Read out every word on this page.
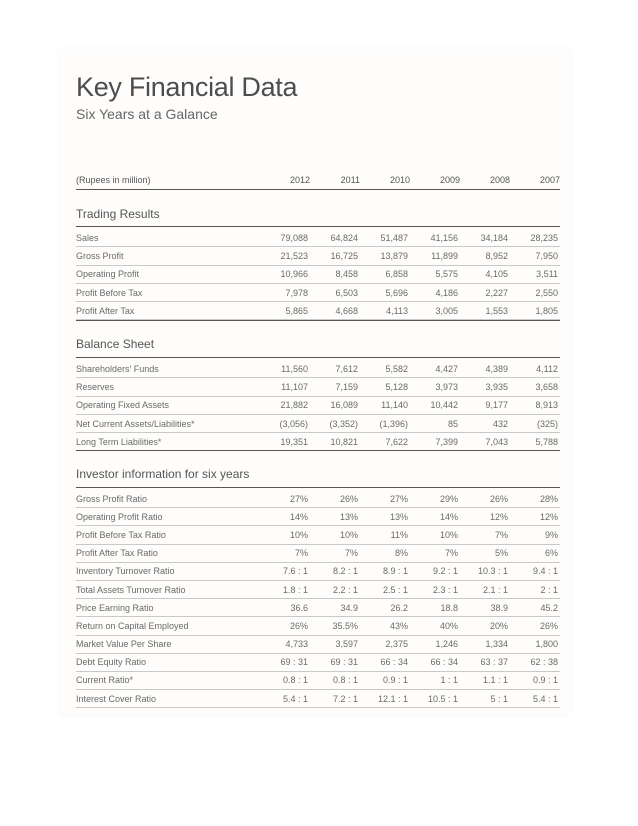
Key Financial Data
Six Years at a Galance
(Rupees in million)	2012	2011	2010	2009	2008	2007
Trading Results
Sales	79,088	64,824	51,487	41,156	34,184	28,235
Gross Profit	21,523	16,725	13,879	11,899	8,952	7,950
Operating Profit	10,966	8,458	6,858	5,575	4,105	3,511
Profit Before Tax	7,978	6,503	5,696	4,186	2,227	2,550
Profit After Tax	5,865	4,668	4,113	3,005	1,553	1,805
Balance Sheet
Shareholders' Funds	11,560	7,612	5,582	4,427	4,389	4,112
Reserves	11,107	7,159	5,128	3,973	3,935	3,658
Operating Fixed Assets	21,882	16,089	11,140	10,442	9,177	8,913
Net Current Assets/Liabilities*	(3,056)	(3,352)	(1,396)	85	432	(325)
Long Term Liabilities*	19,351	10,821	7,622	7,399	7,043	5,788
Investor information for six years
Gross Profit Ratio	27%	26%	27%	29%	26%	28%
Operating Profit Ratio	14%	13%	13%	14%	12%	12%
Profit Before Tax Ratio	10%	10%	11%	10%	7%	9%
Profit After Tax Ratio	7%	7%	8%	7%	5%	6%
Inventory Turnover Ratio	7.6 : 1	8.2 : 1	8.9 : 1	9.2 : 1	10.3 : 1	9.4 : 1
Total Assets Turnover Ratio	1.8 : 1	2.2 : 1	2.5 : 1	2.3 : 1	2.1 : 1	2 : 1
Price Earning Ratio	36.6	34.9	26.2	18.8	38.9	45.2
Return on Capital Employed	26%	35.5%	43%	40%	20%	26%
Market Value Per Share	4,733	3,597	2,375	1,246	1,334	1,800
Debt Equity Ratio	69 : 31	69 : 31	66 : 34	66 : 34	63 : 37	62 : 38
Current Ratio*	0.8 : 1	0.8 : 1	0.9 : 1	1 : 1	1.1 : 1	0.9 : 1
Interest Cover Ratio	5.4 : 1	7.2 : 1	12.1 : 1	10.5 : 1	5 : 1	5.4 : 1
